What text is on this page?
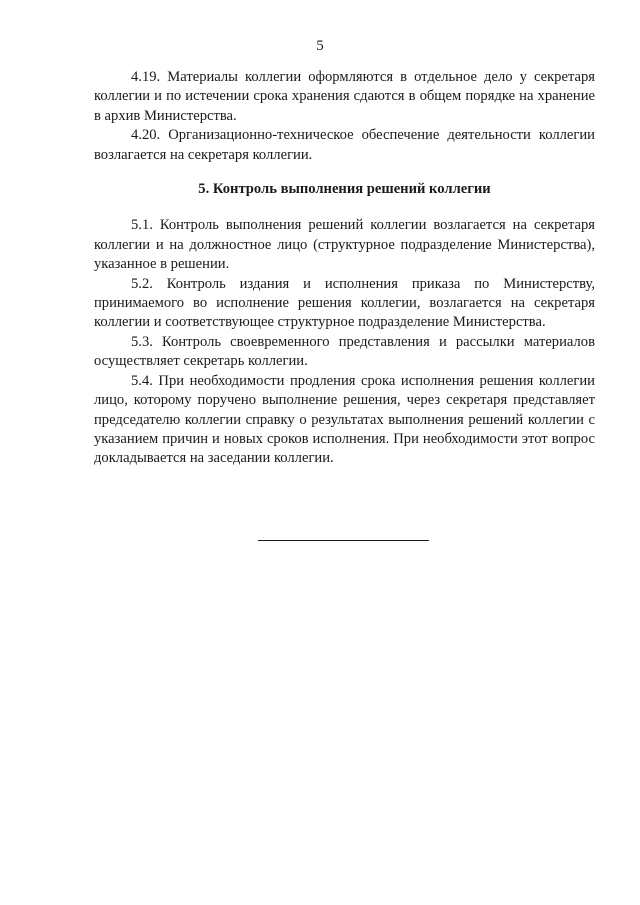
5

4.19. Материалы коллегии оформляются в отдельное дело у секретаря коллегии и по истечении срока хранения сдаются в общем порядке на хранение в архив Министерства.

4.20. Организационно-техническое обеспечение деятельности коллегии возлагается на секретаря коллегии.

5. Контроль выполнения решений коллегии

5.1. Контроль выполнения решений коллегии возлагается на секретаря коллегии и на должностное лицо (структурное подразделение Министерства), указанное в решении.

5.2. Контроль издания и исполнения приказа по Министерству, принимаемого во исполнение решения коллегии, возлагается на секретаря коллегии и соответствующее структурное подразделение Министерства.

5.3. Контроль своевременного представления и рассылки материалов осуществляет секретарь коллегии.

5.4. При необходимости продления срока исполнения решения коллегии лицо, которому поручено выполнение решения, через секретаря представляет председателю коллегии справку о результатах выполнения решений коллегии с указанием причин и новых сроков исполнения. При необходимости этот вопрос докладывается на заседании коллегии.
